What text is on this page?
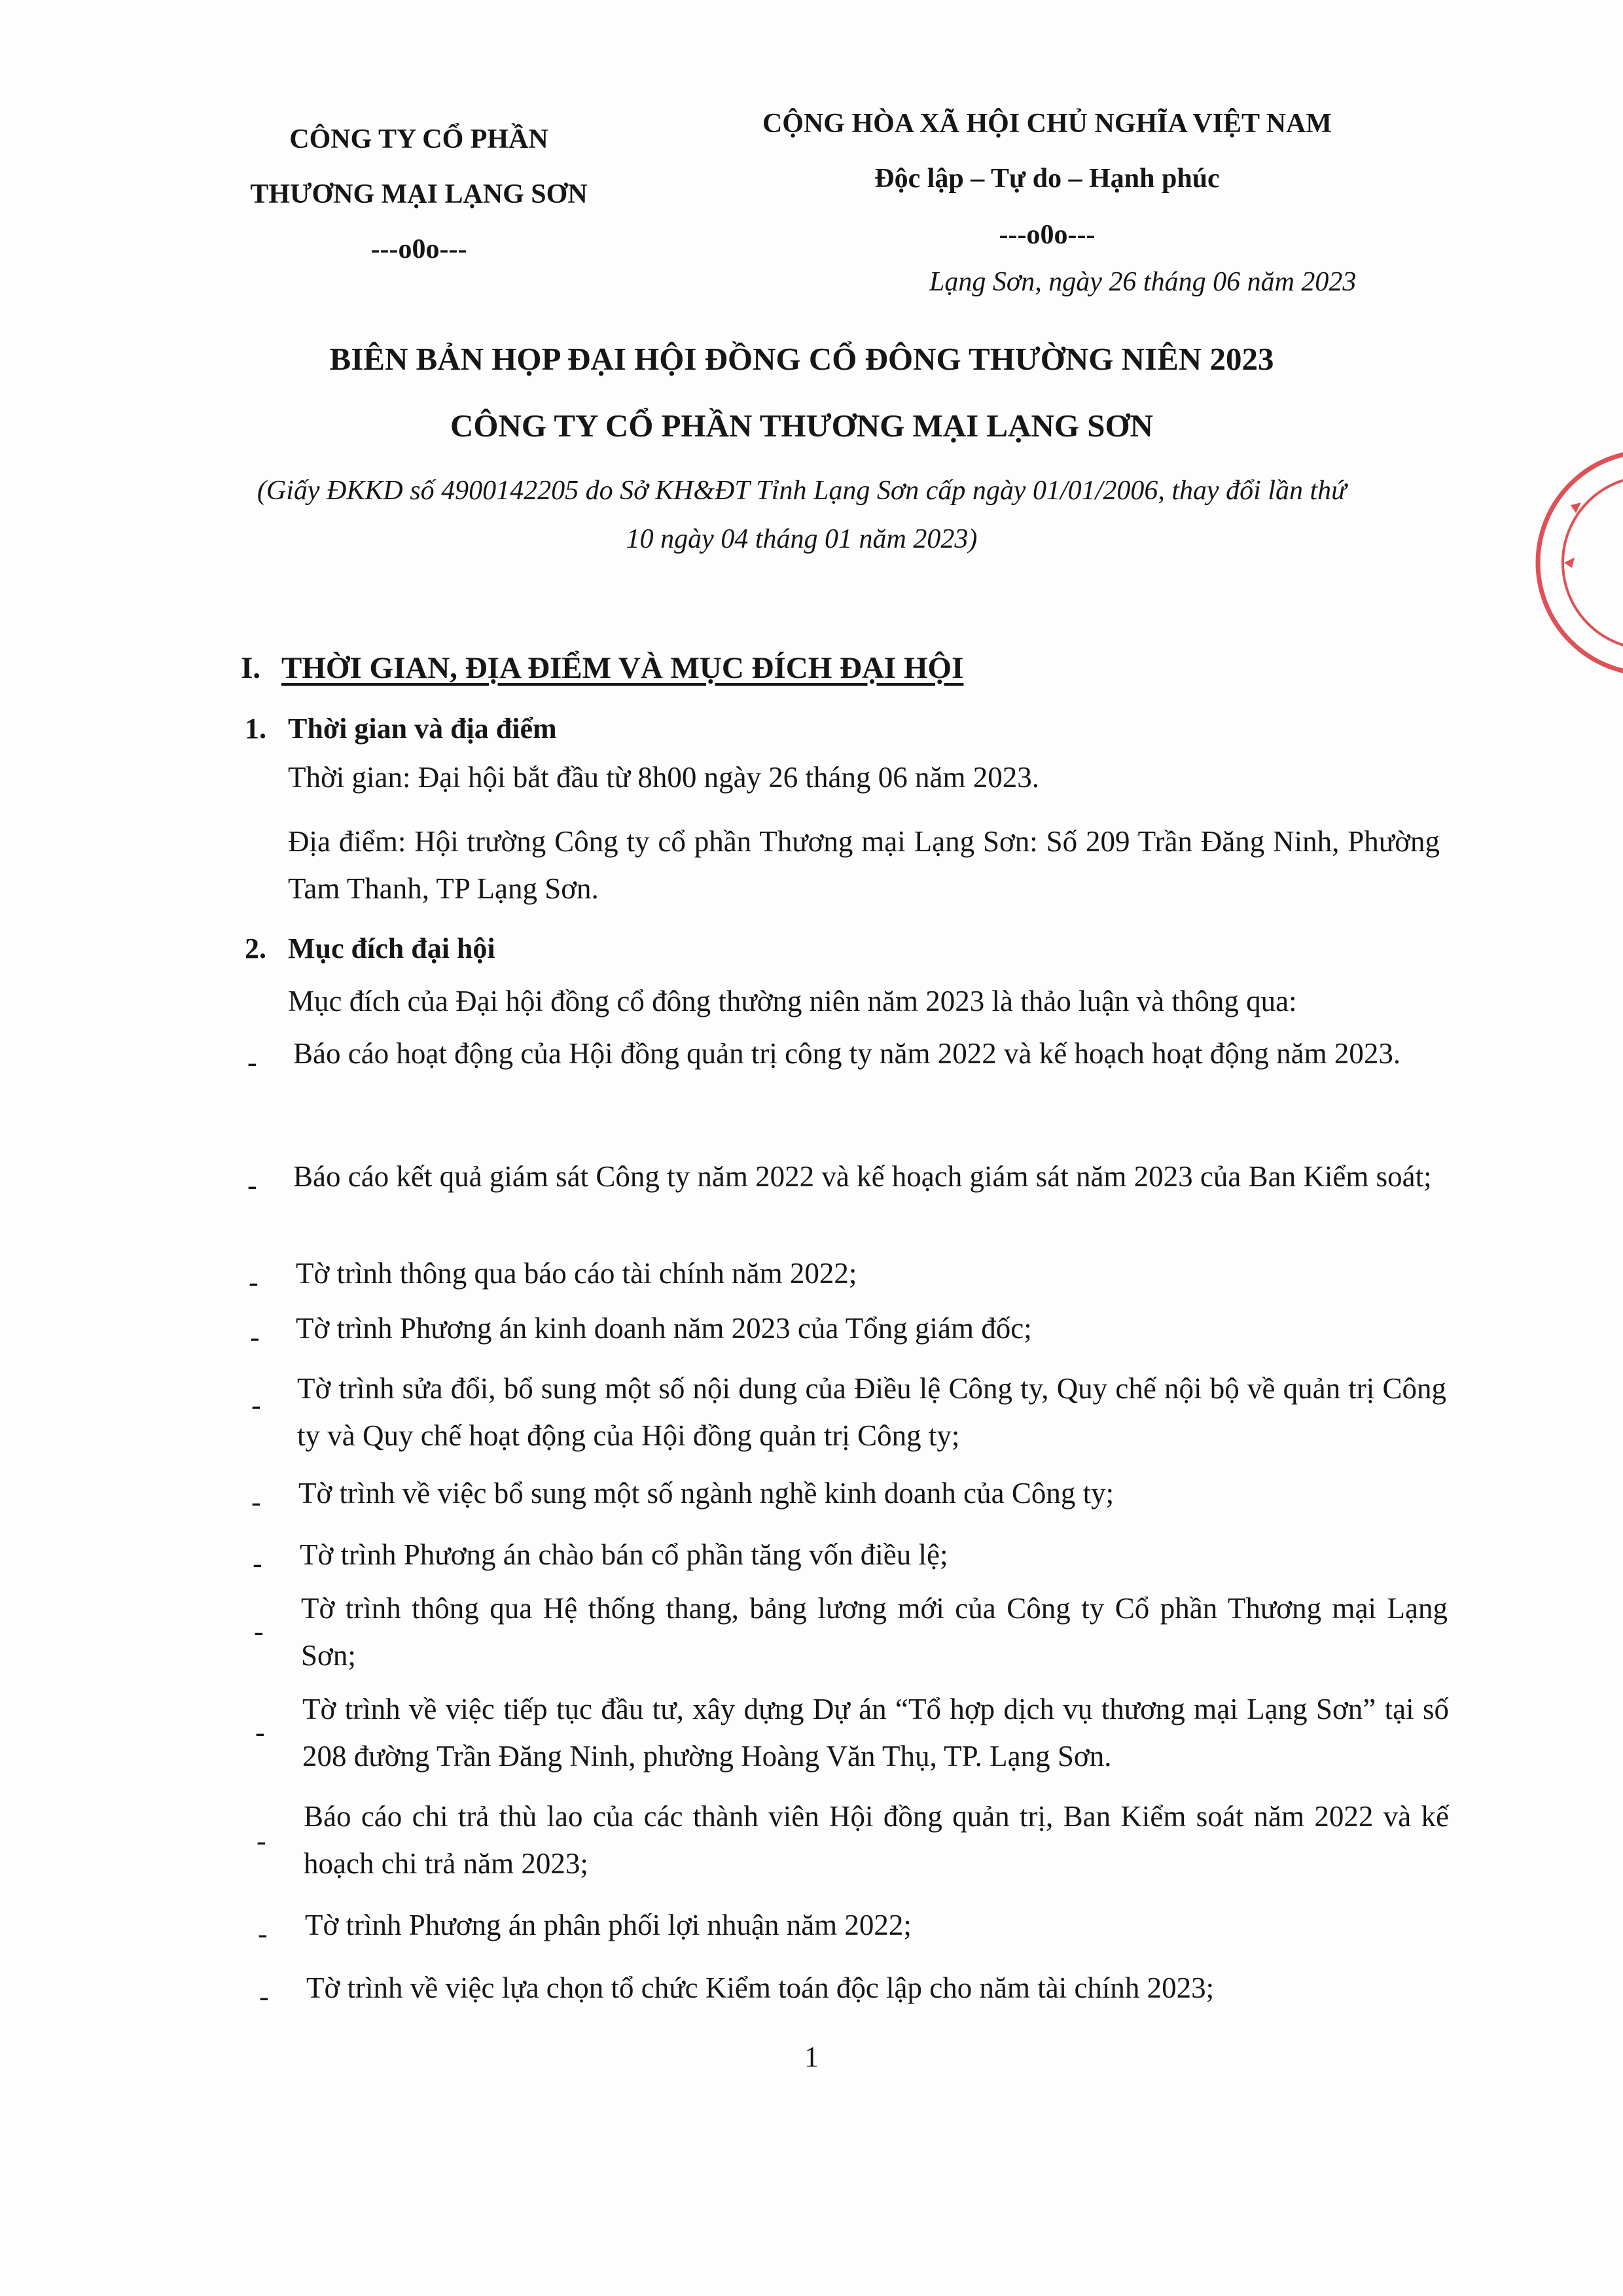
CÔNG TY CỔ PHẦN
THƯƠNG MẠI LẠNG SƠN
---o0o---
CỘNG HÒA XÃ HỘI CHỦ NGHĨA VIỆT NAM
Độc lập – Tự do – Hạnh phúc
---o0o---
Lạng Sơn, ngày 26 tháng 06 năm 2023
BIÊN BẢN HỌP ĐẠI HỘI ĐỒNG CỔ ĐÔNG THƯỜNG NIÊN 2023
CÔNG TY CỔ PHẦN THƯƠNG MẠI LẠNG SƠN
(Giấy ĐKKD số 4900142205 do Sở KH&ĐT Tỉnh Lạng Sơn cấp ngày 01/01/2006, thay đổi lần thứ
10 ngày 04 tháng 01 năm 2023)
I. THỜI GIAN, ĐỊA ĐIỂM VÀ MỤC ĐÍCH ĐẠI HỘI
1. Thời gian và địa điểm
Thời gian: Đại hội bắt đầu từ 8h00 ngày 26 tháng 06 năm 2023.
Địa điểm: Hội trường Công ty cổ phần Thương mại Lạng Sơn: Số 209 Trần Đăng Ninh, Phường Tam Thanh, TP Lạng Sơn.
2. Mục đích đại hội
Mục đích của Đại hội đồng cổ đông thường niên năm 2023 là thảo luận và thông qua:
- Báo cáo hoạt động của Hội đồng quản trị công ty năm 2022 và kế hoạch hoạt động năm 2023.
- Báo cáo kết quả giám sát Công ty năm 2022 và kế hoạch giám sát năm 2023 của Ban Kiểm soát;
- Tờ trình thông qua báo cáo tài chính năm 2022;
- Tờ trình Phương án kinh doanh năm 2023 của Tổng giám đốc;
-
Tờ trình sửa đổi, bổ sung một số nội dung của Điều lệ Công ty, Quy chế nội bộ về quản trị Công ty và Quy chế hoạt động của Hội đồng quản trị Công ty;
- Tờ trình về việc bổ sung một số ngành nghề kinh doanh của Công ty;
- Tờ trình Phương án chào bán cổ phần tăng vốn điều lệ;
-
Tờ trình thông qua Hệ thống thang, bảng lương mới của Công ty Cổ phần Thương mại Lạng Sơn;
-
Tờ trình về việc tiếp tục đầu tư, xây dựng Dự án “Tổ hợp dịch vụ thương mại Lạng Sơn” tại số 208 đường Trần Đăng Ninh, phường Hoàng Văn Thụ, TP. Lạng Sơn.
-
Báo cáo chi trả thù lao của các thành viên Hội đồng quản trị, Ban Kiểm soát năm 2022 và kế hoạch chi trả năm 2023;
- Tờ trình Phương án phân phối lợi nhuận năm 2022;
- Tờ trình về việc lựa chọn tổ chức Kiểm toán độc lập cho năm tài chính 2023;
1
